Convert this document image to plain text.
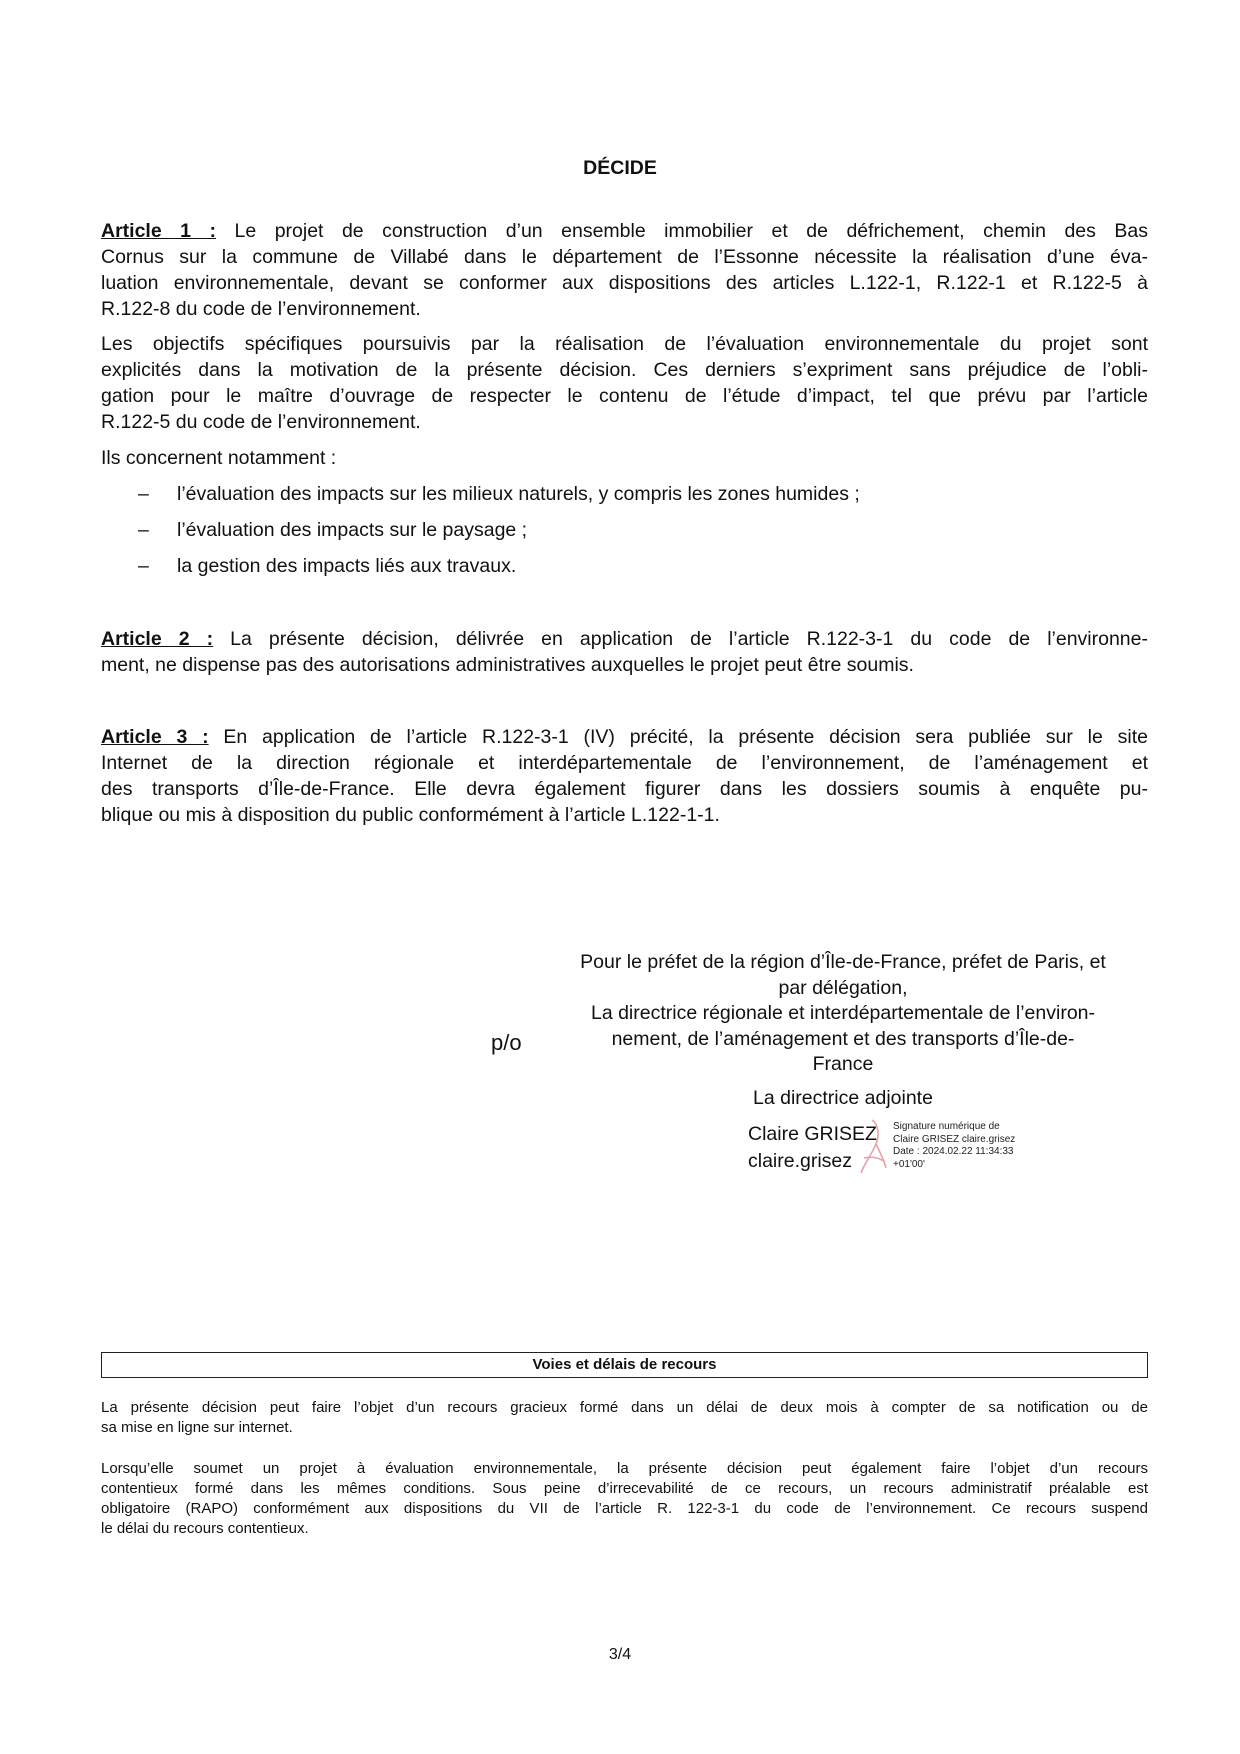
DÉCIDE
Article 1 : Le projet de construction d’un ensemble immobilier et de défrichement, chemin des Bas
Cornus sur la commune de Villabé dans le département de l’Essonne nécessite la réalisation d’une éva-
luation environnementale, devant se conformer aux dispositions des articles L.122-1, R.122-1 et R.122-5 à
R.122-8 du code de l’environnement.
Les objectifs spécifiques poursuivis par la réalisation de l’évaluation environnementale du projet sont
explicités dans la motivation de la présente décision. Ces derniers s’expriment sans préjudice de l’obli-
gation pour le maître d’ouvrage de respecter le contenu de l’étude d’impact, tel que prévu par l’article
R.122-5 du code de l’environnement.
Ils concernent notamment :
– l’évaluation des impacts sur les milieux naturels, y compris les zones humides ;
– l’évaluation des impacts sur le paysage ;
– la gestion des impacts liés aux travaux.
Article 2 : La présente décision, délivrée en application de l’article R.122-3-1 du code de l’environne-
ment, ne dispense pas des autorisations administratives auxquelles le projet peut être soumis.
Article 3 : En application de l’article R.122-3-1 (IV) précité, la présente décision sera publiée sur le site
Internet de la direction régionale et interdépartementale de l’environnement, de l’aménagement et
des transports d’Île-de-France. Elle devra également figurer dans les dossiers soumis à enquête pu-
blique ou mis à disposition du public conformément à l’article L.122-1-1.
Pour le préfet de la région d’Île-de-France, préfet de Paris, et
par délégation,
La directrice régionale et interdépartementale de l’environ-
nement, de l’aménagement et des transports d’Île-de-
France
p/o
La directrice adjointe
Claire GRISEZ
claire.grisez
Signature numérique de
Claire GRISEZ claire.grisez
Date : 2024.02.22 11:34:33
+01'00'
Voies et délais de recours
La présente décision peut faire l’objet d’un recours gracieux formé dans un délai de deux mois à compter de sa notification ou de
sa mise en ligne sur internet.
Lorsqu’elle soumet un projet à évaluation environnementale, la présente décision peut également faire l’objet d’un recours
contentieux formé dans les mêmes conditions. Sous peine d’irrecevabilité de ce recours, un recours administratif préalable est
obligatoire (RAPO) conformément aux dispositions du VII de l’article R. 122-3-1 du code de l’environnement. Ce recours suspend
le délai du recours contentieux.
3/4
